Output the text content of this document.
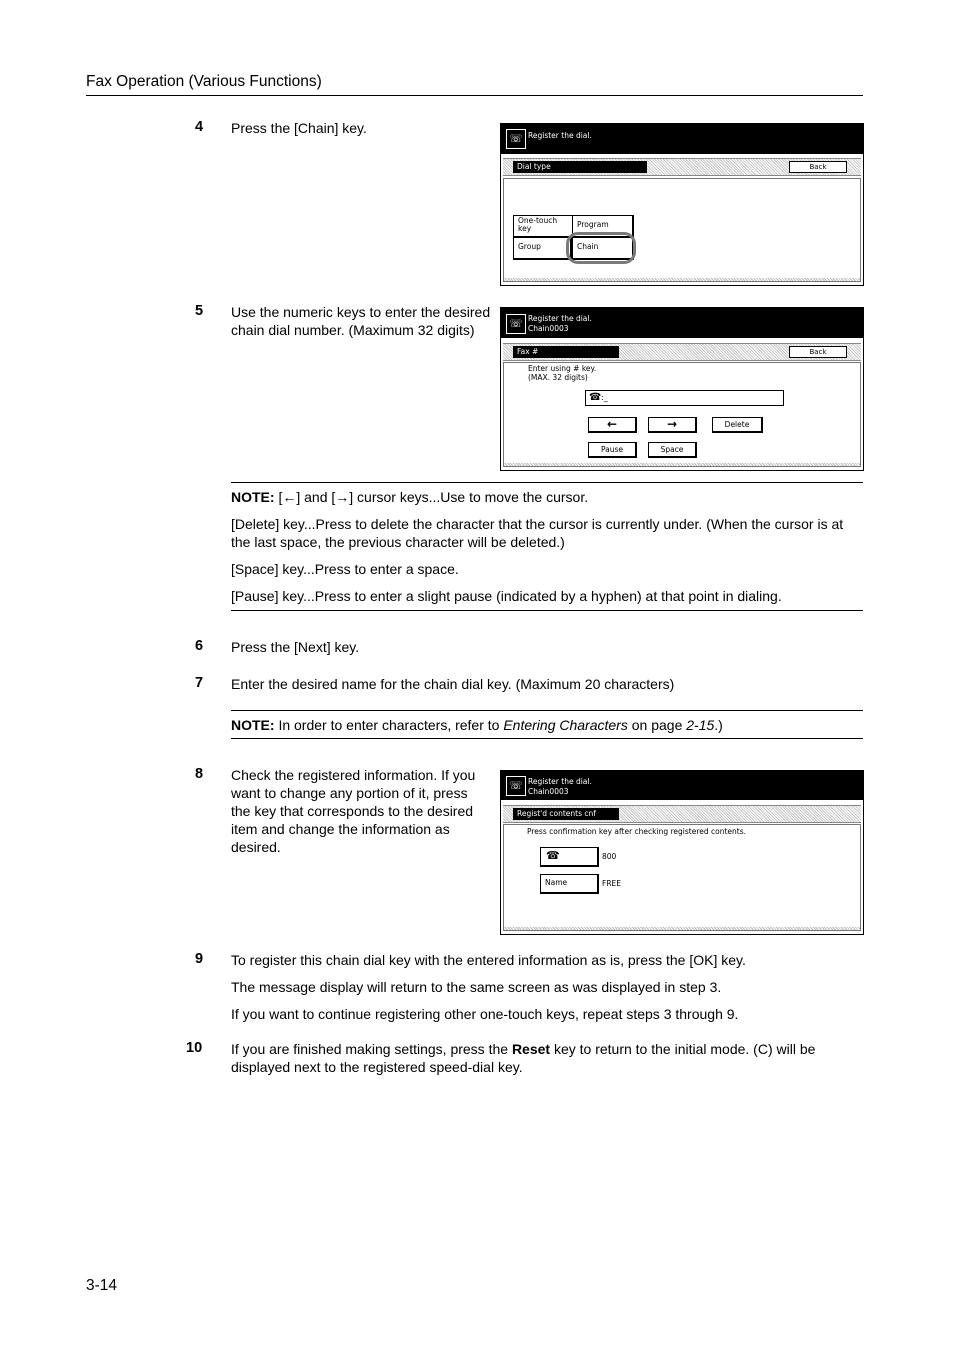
Fax Operation (Various Functions)
4 Press the [Chain] key.
☏ Register the dial.
Dial type	Back
One-touch
key	Program
Group	Chain
5 Use the numeric keys to enter the desired chain dial number. (Maximum 32 digits)	☏ Register the dial.
Chain0003
Fax #	Back
Enter using # key.
(MAX. 32 digits)
☎ :_
←	→	Delete
Pause	Space
NOTE: [←] and [→] cursor keys...Use to move the cursor.
[Delete] key...Press to delete the character that the cursor is currently under. (When the cursor is at the last space, the previous character will be deleted.)
[Space] key...Press to enter a space.
[Pause] key...Press to enter a slight pause (indicated by a hyphen) at that point in dialing.
6 Press the [Next] key.
7 Enter the desired name for the chain dial key. (Maximum 20 characters)
NOTE: In order to enter characters, refer to Entering Characters on page 2-15.)
8 Check the registered information. If you want to change any portion of it, press the key that corresponds to the desired item and change the information as desired.
☏ Register the dial.
Chain0003
Regist'd contents cnf
Press confirmation key after checking registered contents.
☎	800
Name	FREE
9 To register this chain dial key with the entered information as is, press the [OK] key.
The message display will return to the same screen as was displayed in step 3.
If you want to continue registering other one-touch keys, repeat steps 3 through 9.
10 If you are finished making settings, press the Reset key to return to the initial mode. (C) will be displayed next to the registered speed-dial key.
3-14
